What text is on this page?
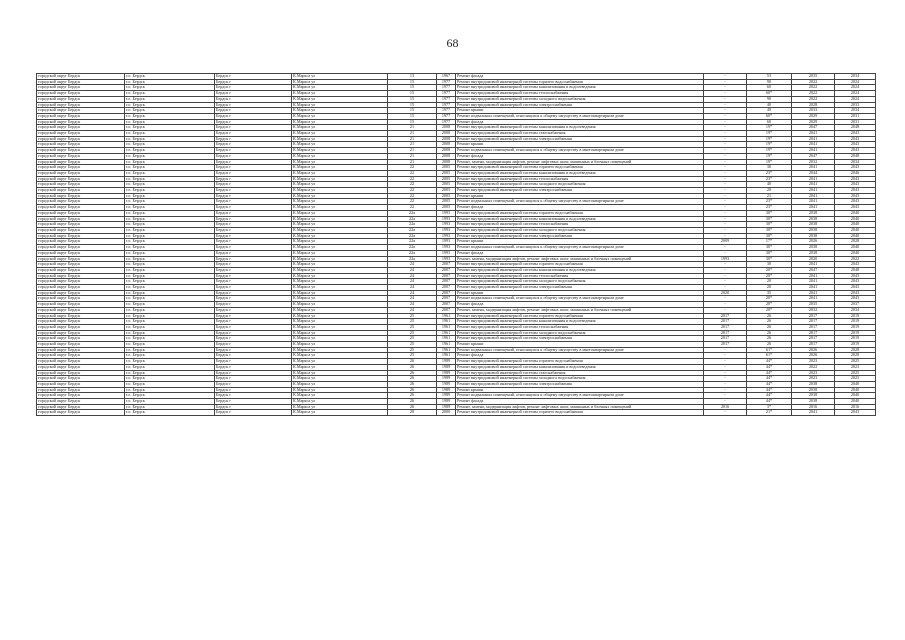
68
городской округ Бердск	г.о. Бердск	Бердск г	К.Маркса ул	13	1967	Ремонт фасада	-	53	2035	2034
городской округ Бердск	г.о. Бердск	Бердск г	К.Маркса ул	15	1977	Ремонт внутридомовой инженерной системы горячего водоснабжения	-	90	2022	2024
городской округ Бердск	г.о. Бердск	Бердск г	К.Маркса ул	15	1977	Ремонт внутридомовой инженерной системы канализования и водоотведения	-	60	2022	2024
городской округ Бердск	г.о. Бердск	Бердск г	К.Маркса ул	15	1977	Ремонт внутридомовой инженерной системы теплоснабжения	-	60*	2022	2024
городской округ Бердск	г.о. Бердск	Бердск г	К.Маркса ул	15	1977	Ремонт внутридомовой инженерной системы холодного водоснабжения	-	90	2022	2024
городской округ Бердск	г.о. Бердск	Бердск г	К.Маркса ул	15	1977	Ремонт внутридомовой инженерной системы электроснабжения	-	40	2028	2033
городской округ Бердск	г.о. Бердск	Бердск г	К.Маркса ул	15	1977	Ремонт крыши	-	49	2033	2034
городской округ Бердск	г.о. Бердск	Бердск г	К.Маркса ул	15	1977	Ремонт подвальных помещений, относящихся к общему имуществу в многоквартирном доме	-	60*	2029	2031
городской округ Бердск	г.о. Бердск	Бердск г	К.Маркса ул	15	1977	Ремонт фасада	-	60	2029	2031
городской округ Бердск	г.о. Бердск	Бердск г	К.Маркса ул	21	2008	Ремонт внутридомовой инженерной системы канализования и водоотведения	-	19*	2047	2048
городской округ Бердск	г.о. Бердск	Бердск г	К.Маркса ул	21	2008	Ремонт внутридомовой инженерной системы газоснабжения	-	19*	2041	2043
городской округ Бердск	г.о. Бердск	Бердск г	К.Маркса ул	21	2008	Ремонт внутридомовой инженерной системы электроснабжения	-	19*	2041	2043
городской округ Бердск	г.о. Бердск	Бердск г	К.Маркса ул	21	2008	Ремонт крыши	-	19*	2041	2043
городской округ Бердск	г.о. Бердск	Бердск г	К.Маркса ул	21	2008	Ремонт подвальных помещений, относящихся к общему имуществу в многоквартирном доме	-	19*	2041	2043
городской округ Бердск	г.о. Бердск	Бердск г	К.Маркса ул	21	2008	Ремонт фасада	-	19*	2047	2048
городской округ Бердск	г.о. Бердск	Бердск г	К.Маркса ул	21	2008	Ремонт, замена, модернизация лифтов, ремонт лифтовых шахт, машинных и блочных помещений	-	19*	2032	2034
городской округ Бердск	г.о. Бердск	Бердск г	К.Маркса ул	22	2005	Ремонт внутридомовой инженерной системы горячего водоснабжения	-	30	2041	2043
городской округ Бердск	г.о. Бердск	Бердск г	К.Маркса ул	22	2005	Ремонт внутридомовой инженерной системы канализования и водоотведения	-	23*	2044	2046
городской округ Бердск	г.о. Бердск	Бердск г	К.Маркса ул	22	2005	Ремонт внутридомовой инженерной системы теплоснабжения	-	23*	2041	2043
городской округ Бердск	г.о. Бердск	Бердск г	К.Маркса ул	22	2005	Ремонт внутридомовой инженерной системы холодного водоснабжения	-	40	2041	2043
городской округ Бердск	г.о. Бердск	Бердск г	К.Маркса ул	22	2005	Ремонт внутридомовой инженерной системы электроснабжения	-	20	2041	2043
городской округ Бердск	г.о. Бердск	Бердск г	К.Маркса ул	22	2005	Ремонт крыши	-	21	2041	2043
городской округ Бердск	г.о. Бердск	Бердск г	К.Маркса ул	22	2005	Ремонт подвальных помещений, относящихся к общему имуществу в многоквартирном доме	-	23*	2041	2043
городской округ Бердск	г.о. Бердск	Бердск г	К.Маркса ул	22	2005	Ремонт фасада	-	23*	2041	2043
городской округ Бердск	г.о. Бердск	Бердск г	К.Маркса ул	22а	1993	Ремонт внутридомовой инженерной системы горячего водоснабжения	-	30*	2038	2040
городской округ Бердск	г.о. Бердск	Бердск г	К.Маркса ул	22а	1993	Ремонт внутридомовой инженерной системы канализования и водоотведения	-	30*	2038	2040
городской округ Бердск	г.о. Бердск	Бердск г	К.Маркса ул	22а	1993	Ремонт внутридомовой инженерной системы теплоснабжения	-	30*	2038	2040
городской округ Бердск	г.о. Бердск	Бердск г	К.Маркса ул	22а	1993	Ремонт внутридомовой инженерной системы холодного водоснабжения	-	30*	2038	2040
городской округ Бердск	г.о. Бердск	Бердск г	К.Маркса ул	22а	1993	Ремонт внутридомовой инженерной системы электроснабжения	-	30*	2038	2040
городской округ Бердск	г.о. Бердск	Бердск г	К.Маркса ул	22а	1993	Ремонт крыши	2009	17*	2026	2028
городской округ Бердск	г.о. Бердск	Бердск г	К.Маркса ул	22а	1993	Ремонт подвальных помещений, относящихся к общему имуществу в многоквартирном доме	-	30*	2038	2040
городской округ Бердск	г.о. Бердск	Бердск г	К.Маркса ул	22а	1993	Ремонт фасада	-	30*	2038	2040
городской округ Бердск	г.о. Бердск	Бердск г	К.Маркса ул	22а	1993	Ремонт, замена, модернизация лифтов, ремонт лифтовых шахт, машинных и блочных помещений	1993	30*	2020	2022
городской округ Бердск	г.о. Бердск	Бердск г	К.Маркса ул	24	2007	Ремонт внутридомовой инженерной системы горячего водоснабжения	-	30	2041	2043
городской округ Бердск	г.о. Бердск	Бердск г	К.Маркса ул	24	2007	Ремонт внутридомовой инженерной системы канализования и водоотведения	-	20*	2047	2048
городской округ Бердск	г.о. Бердск	Бердск г	К.Маркса ул	24	2007	Ремонт внутридомовой инженерной системы теплоснабжения	-	20*	2041	2043
городской округ Бердск	г.о. Бердск	Бердск г	К.Маркса ул	24	2007	Ремонт внутридомовой инженерной системы холодного водоснабжения	-	20	2041	2043
городской округ Бердск	г.о. Бердск	Бердск г	К.Маркса ул	24	2007	Ремонт внутридомовой инженерной системы электроснабжения	-	20	2041	2043
городской округ Бердск	г.о. Бердск	Бердск г	К.Маркса ул	24	2007	Ремонт крыши	2020	35	2041	2043
городской округ Бердск	г.о. Бердск	Бердск г	К.Маркса ул	24	2007	Ремонт подвальных помещений, относящихся к общему имуществу в многоквартирном доме	-	20*	2041	2043
городской округ Бердск	г.о. Бердск	Бердск г	К.Маркса ул	24	2007	Ремонт фасада	-	20*	2035	2037
городской округ Бердск	г.о. Бердск	Бердск г	К.Маркса ул	24	2007	Ремонт, замена, модернизация лифтов, ремонт лифтовых шахт, машинных и блочных помещений	-	20*	2032	2034
городской округ Бердск	г.о. Бердск	Бердск г	К.Маркса ул	25	1961	Ремонт внутридомовой инженерной системы горячего водоснабжения	2017	26	2017	2019
городской округ Бердск	г.о. Бердск	Бердск г	К.Маркса ул	25	1961	Ремонт внутридомовой инженерной системы канализования и водоотведения	2017	26	2017	2019
городской округ Бердск	г.о. Бердск	Бердск г	К.Маркса ул	25	1961	Ремонт внутридомовой инженерной системы теплоснабжения	2017	26	2017	2019
городской округ Бердск	г.о. Бердск	Бердск г	К.Маркса ул	25	1961	Ремонт внутридомовой инженерной системы холодного водоснабжения	2017	26	2017	2019
городской округ Бердск	г.о. Бердск	Бердск г	К.Маркса ул	25	1961	Ремонт внутридомовой инженерной системы электроснабжения	2017	26	2017	2019
городской округ Бердск	г.о. Бердск	Бердск г	К.Маркса ул	25	1961	Ремонт крыши	2017	26	2017	2019
городской округ Бердск	г.о. Бердск	Бердск г	К.Маркса ул	25	1961	Ремонт подвальных помещений, относящихся к общему имуществу в многоквартирном доме	-	61*	2026	2028
городской округ Бердск	г.о. Бердск	Бердск г	К.Маркса ул	25	1961	Ремонт фасада	-	61*	2026	2028
городской округ Бердск	г.о. Бердск	Бердск г	К.Маркса ул	26	1989	Ремонт внутридомовой инженерной системы горячего водоснабжения	-	44*	2023	2025
городской округ Бердск	г.о. Бердск	Бердск г	К.Маркса ул	26	1989	Ремонт внутридомовой инженерной системы канализования и водоотведения	-	44*	2022	2023
городской округ Бердск	г.о. Бердск	Бердск г	К.Маркса ул	26	1989	Ремонт внутридомовой инженерной системы газоснабжения	-	44*	2023	2025
городской округ Бердск	г.о. Бердск	Бердск г	К.Маркса ул	26	1989	Ремонт внутридомовой инженерной системы холодного водоснабжения	-	44*	2023	2025
городской округ Бердск	г.о. Бердск	Бердск г	К.Маркса ул	26	1989	Ремонт внутридомовой инженерной системы электроснабжения	-	44*	2038	2040
городской округ Бердск	г.о. Бердск	Бердск г	К.Маркса ул	26	1989	Ремонт крыши	-	44*	2038	2040
городской округ Бердск	г.о. Бердск	Бердск г	К.Маркса ул	26	1989	Ремонт подвальных помещений, относящихся к общему имуществу в многоквартирном доме	-	44*	2038	2040
городской округ Бердск	г.о. Бердск	Бердск г	К.Маркса ул	26	1989	Ремонт фасада	-	44*	2038	2040
городской округ Бердск	г.о. Бердск	Бердск г	К.Маркса ул	26	1989	Ремонт, замена, модернизация лифтов, ремонт лифтовых шахт, машинных и блочных помещений	2016	3*	2016	2016
городской округ Бердск	г.о. Бердск	Бердск г	К.Маркса ул	28	2000	Ремонт внутридомовой инженерной системы горячего водоснабжения	-	21*	2041	2043
